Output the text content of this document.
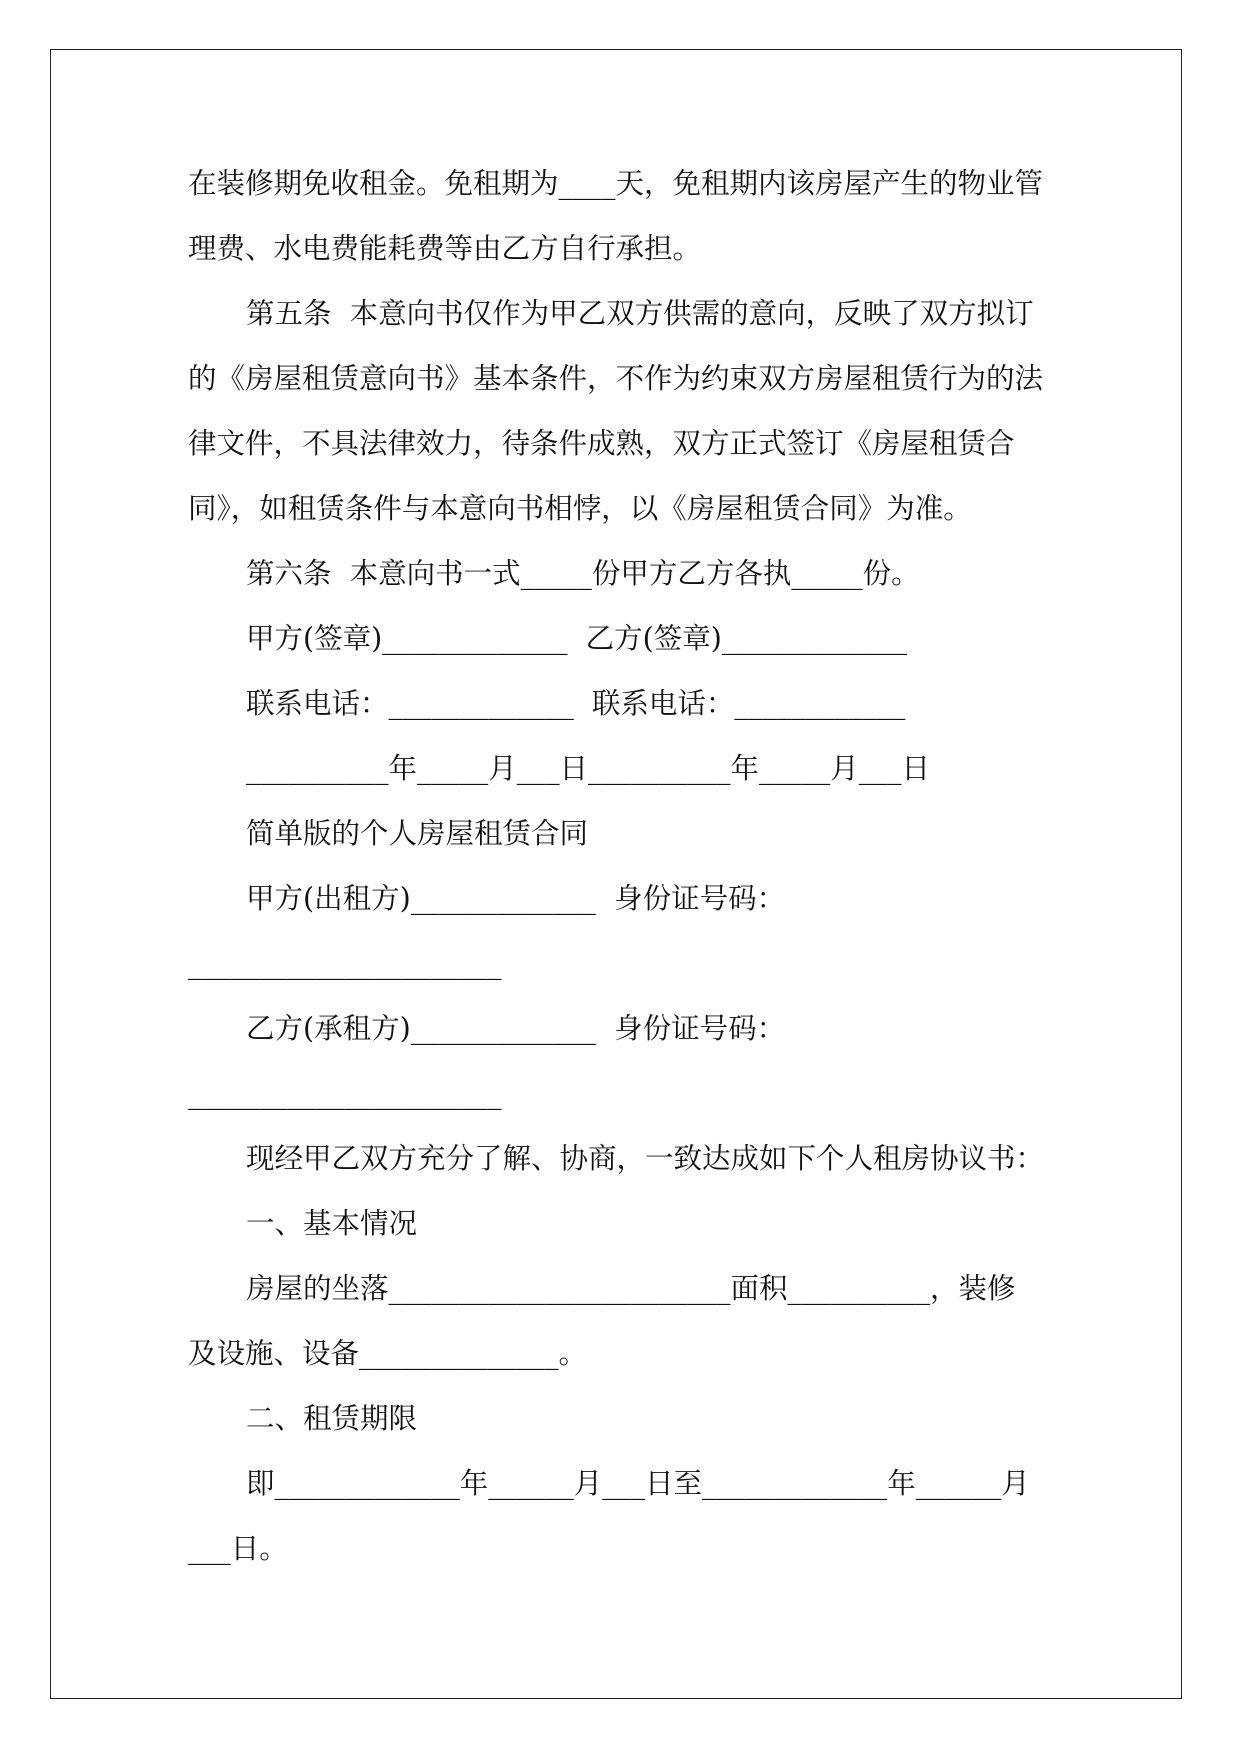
在装修期免收租金。免租期为____天，免租期内该房屋产生的物业管
理费、水电费能耗费等由乙方自行承担。
第五条  本意向书仅作为甲乙双方供需的意向，反映了双方拟订
的《房屋租赁意向书》基本条件，不作为约束双方房屋租赁行为的法
律文件，不具法律效力，待条件成熟，双方正式签订《房屋租赁合
同》，如租赁条件与本意向书相悖，以《房屋租赁合同》为准。
第六条  本意向书一式_____份甲方乙方各执_____份。
甲方(签章)_____________  乙方(签章)_____________
联系电话：_____________  联系电话：____________
__________年_____月___日__________年_____月___日
简单版的个人房屋租赁合同
甲方(出租方)_____________  身份证号码：
______________________
乙方(承租方)_____________  身份证号码：
______________________
现经甲乙双方充分了解、协商，一致达成如下个人租房协议书：
一、基本情况
房屋的坐落________________________面积__________，装修
及设施、设备______________。
二、租赁期限
即_____________年______月___日至_____________年______月
___日。
